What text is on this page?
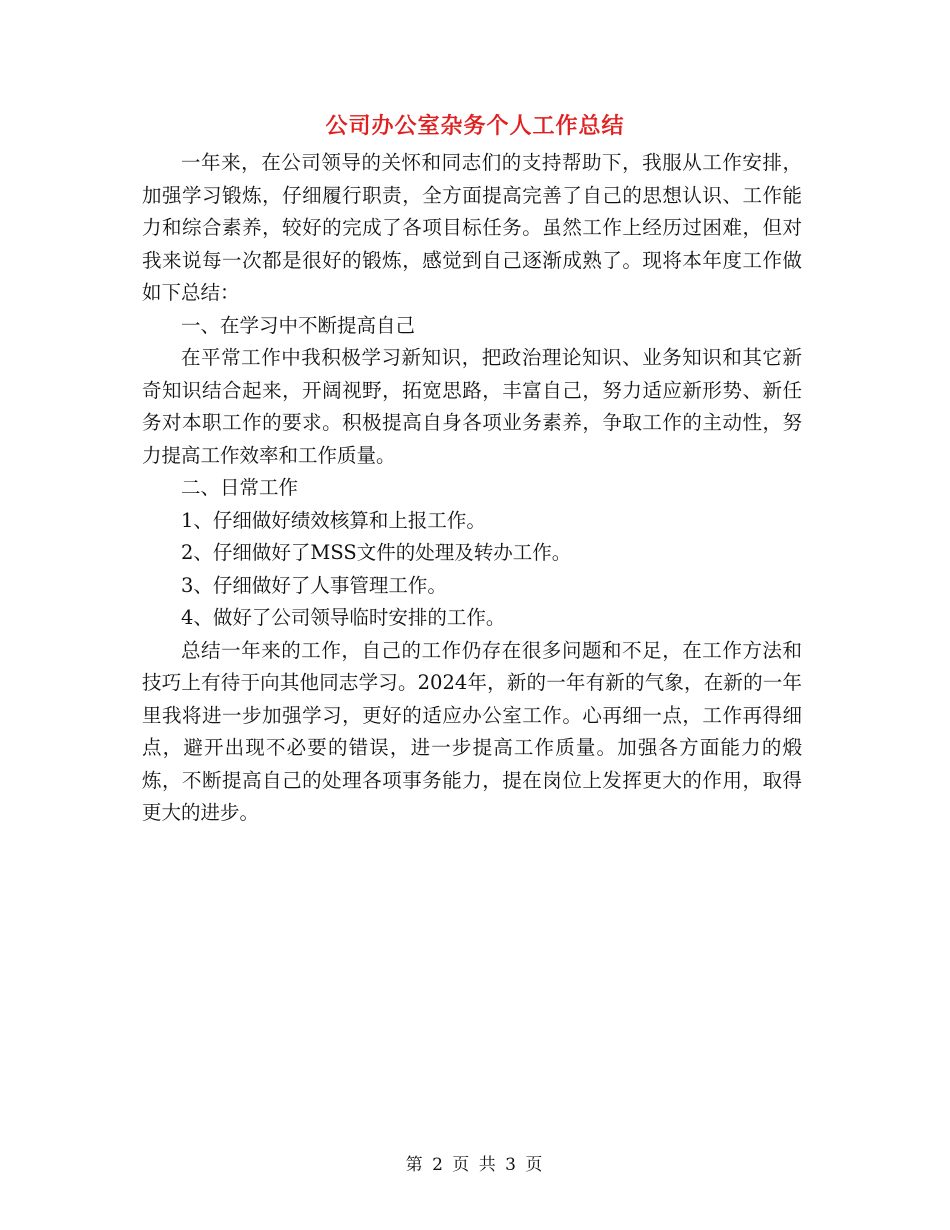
公司办公室杂务个人工作总结

一年来，在公司领导的关怀和同志们的支持帮助下，我服从工作安排，加强学习锻炼，仔细履行职责，全方面提高完善了自己的思想认识、工作能力和综合素养，较好的完成了各项目标任务。虽然工作上经历过困难，但对我来说每一次都是很好的锻炼，感觉到自己逐渐成熟了。现将本年度工作做如下总结：

一、在学习中不断提高自己

在平常工作中我积极学习新知识，把政治理论知识、业务知识和其它新奇知识结合起来，开阔视野，拓宽思路，丰富自己，努力适应新形势、新任务对本职工作的要求。积极提高自身各项业务素养，争取工作的主动性，努力提高工作效率和工作质量。

二、日常工作

1、仔细做好绩效核算和上报工作。

2、仔细做好了MSS文件的处理及转办工作。

3、仔细做好了人事管理工作。

4、做好了公司领导临时安排的工作。

总结一年来的工作，自己的工作仍存在很多问题和不足，在工作方法和技巧上有待于向其他同志学习。2024年，新的一年有新的气象，在新的一年里我将进一步加强学习，更好的适应办公室工作。心再细一点，工作再得细点，避开出现不必要的错误，进一步提高工作质量。加强各方面能力的煅炼，不断提高自己的处理各项事务能力，提在岗位上发挥更大的作用，取得更大的进步。

第 2 页 共 3 页
